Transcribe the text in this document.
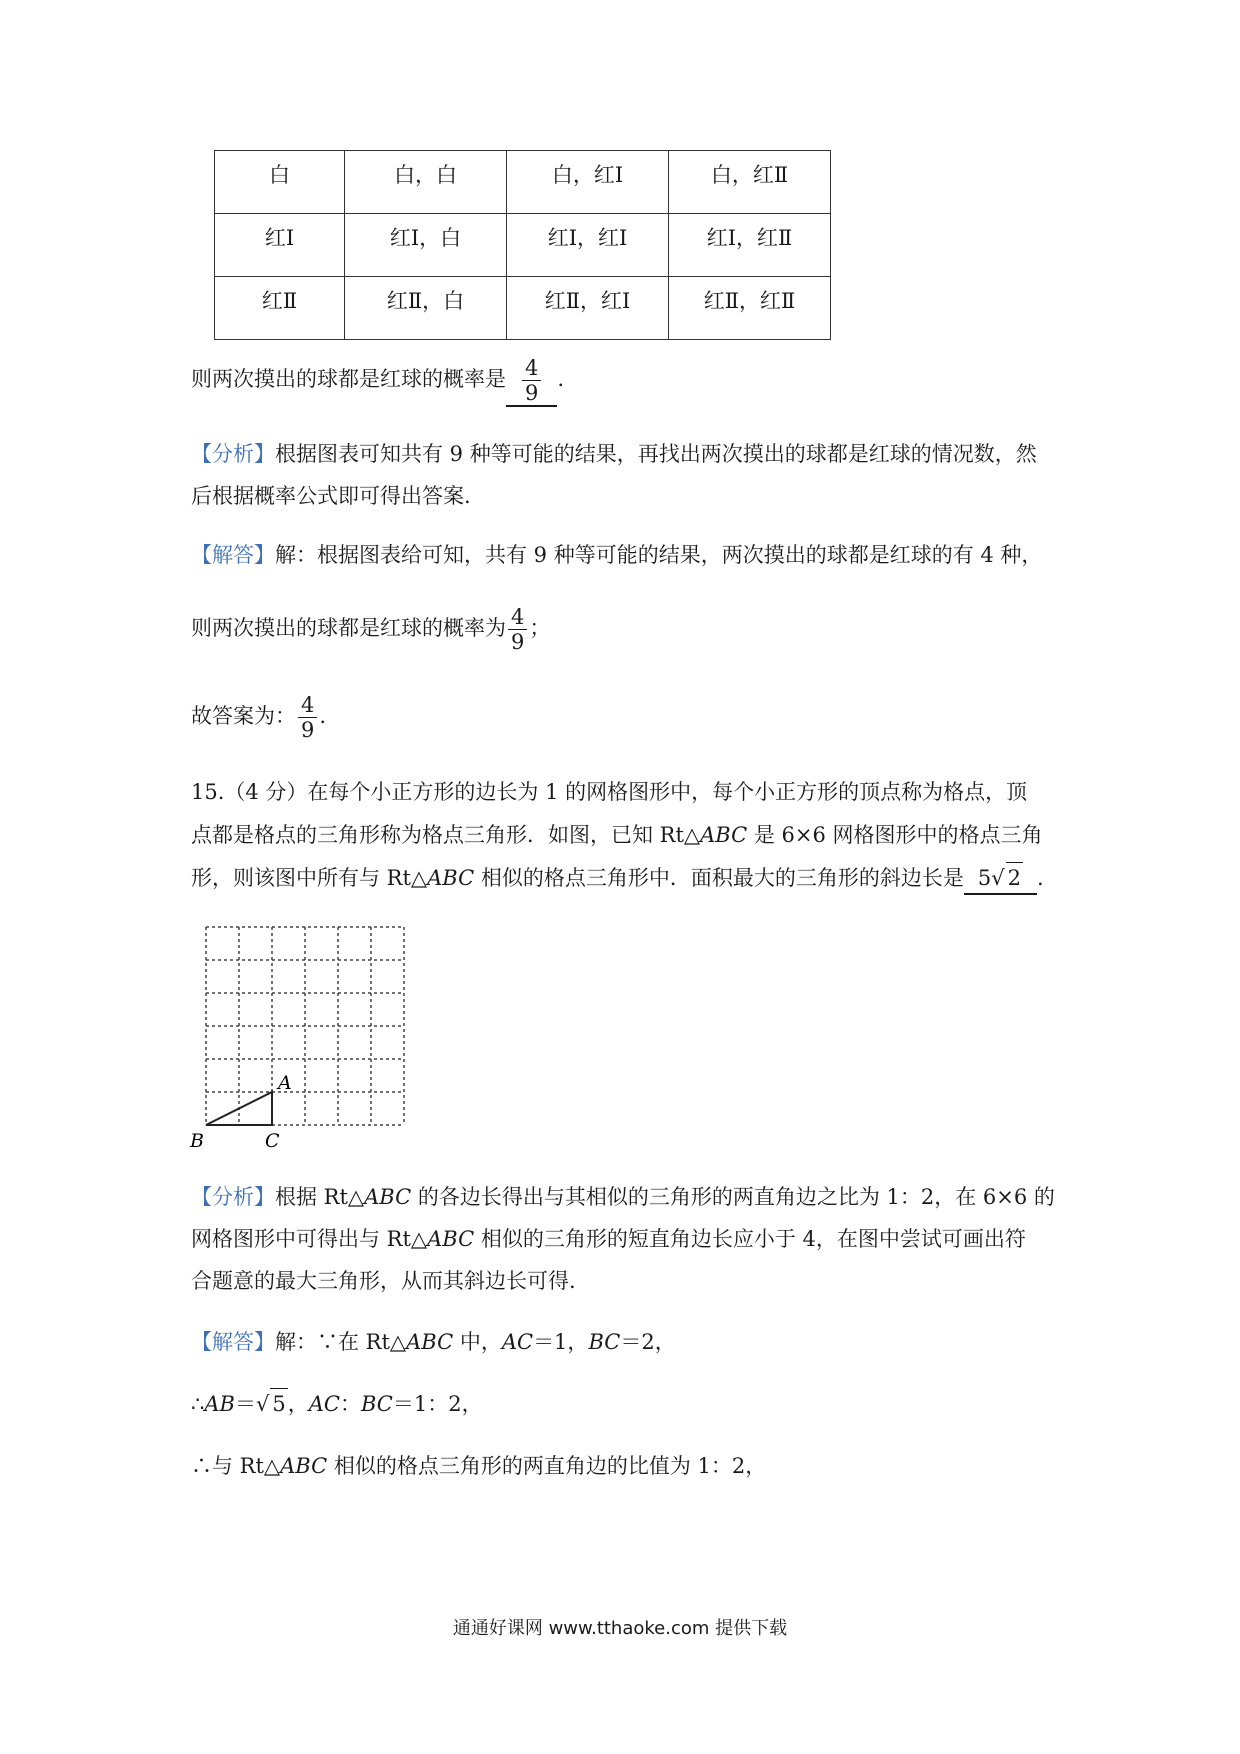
白	白，白	白，红Ⅰ	白，红Ⅱ
红Ⅰ	红Ⅰ，白	红Ⅰ，红Ⅰ	红Ⅰ，红Ⅱ
红Ⅱ	红Ⅱ，白	红Ⅱ，红Ⅰ	红Ⅱ，红Ⅱ
则两次摸出的球都是红球的概率是 $\frac{4}{9}$ .
【分析】根据图表可知共有 9 种等可能的结果，再找出两次摸出的球都是红球的情况数，然
后根据概率公式即可得出答案.
【解答】解：根据图表给可知，共有 9 种等可能的结果，两次摸出的球都是红球的有 4 种，
则两次摸出的球都是红球的概率为 $\frac{4}{9}$ ；
故答案为： $\frac{4}{9}$ .
15.（4 分）在每个小正方形的边长为 1 的网格图形中，每个小正方形的顶点称为格点，顶
点都是格点的三角形称为格点三角形．如图，已知 Rt△ABC 是 6×6 网格图形中的格点三角
形，则该图中所有与 Rt△ABC 相似的格点三角形中．面积最大的三角形的斜边长是 5√ 2 .
A
B	C
【分析】根据 Rt△ABC 的各边长得出与其相似的三角形的两直角边之比为 1：2，在 6×6 的
网格图形中可得出与 Rt△ABC 相似的三角形的短直角边长应小于 4，在图中尝试可画出符
合题意的最大三角形，从而其斜边长可得.
【解答】解：∵在 Rt△ABC 中，AC＝1，BC＝2，
∴AB＝√ 5，AC：BC＝1：2，
∴与 Rt△ABC 相似的格点三角形的两直角边的比值为 1：2，
通通好课网 www.tthaoke.com 提供下载
